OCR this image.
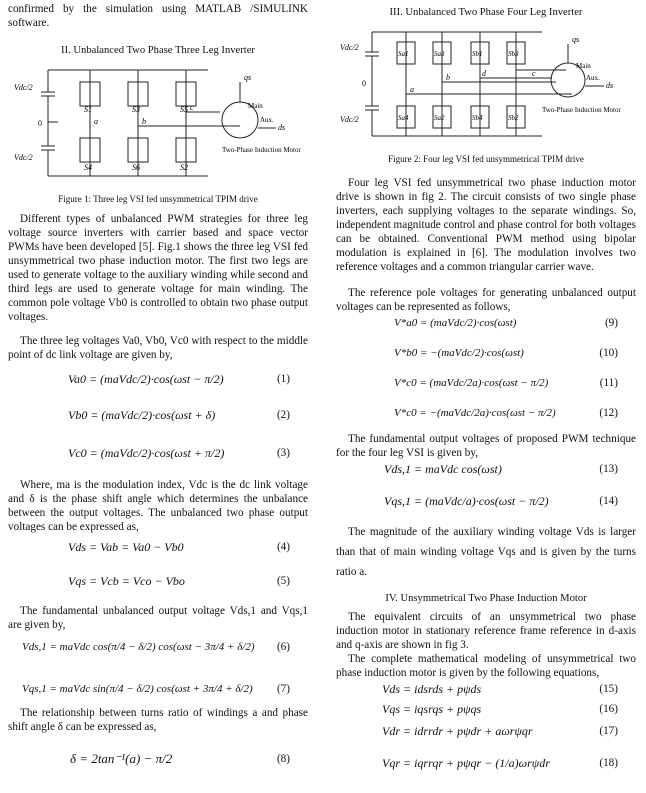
confirmed by the simulation using MATLAB /SIMULINK software.

II. Unbalanced Two Phase Three Leg Inverter

Vdc/2
Vdc/2
0
S1	S3	S5
S4	S6	S2
a	b
c
qs
ds
Main
Aux.
Two-Phase Induction Motor

Figure 1: Three leg VSI fed unsymmetrical TPIM drive

Different types of unbalanced PWM strategies for three leg voltage source inverters with carrier based and space vector PWMs have been developed [5]. Fig.1 shows the three leg VSI fed unsymmetrical two phase induction motor. The first two legs are used to generate voltage to the auxiliary winding while second and third legs are used to generate voltage for main winding. The common pole voltage Vb0 is controlled to obtain two phase output voltages.

The three leg voltages Va0, Vb0, Vc0 with respect to the middle point of dc link voltage are given by,

Va0 = (maVdc/2)·cos(ωst − π/2)	(1)
Vb0 = (maVdc/2)·cos(ωst + δ)	(2)
Vc0 = (maVdc/2)·cos(ωst + π/2)	(3)

Where, ma is the modulation index, Vdc is the dc link voltage and δ is the phase shift angle which determines the unbalance between the output voltages. The unbalanced two phase output voltages can be expressed as,

Vds = Vab = Va0 − Vb0	(4)
Vqs = Vcb = Vco − Vbo	(5)

The fundamental unbalanced output voltage Vds,1 and Vqs,1 are given by,

Vds,1 = maVdc cos(π/4 − δ/2) cos(ωst − 3π/4 + δ/2) (6)
Vqs,1 = maVdc sin(π/4 − δ/2) cos(ωst + 3π/4 + δ/2) (7)

The relationship between turns ratio of windings a and phase shift angle δ can be expressed as,

δ = 2tan⁻¹(a) − π/2	(8)

III. Unbalanced Two Phase Four Leg Inverter

Vdc/2
Vdc/2
0
Sa1	Sa3	Sb1	Sb3
Sa4	Sa2	Sb4	Sb2
a
b	c
d
qs
ds
Main
Aux.
Two-Phase Induction Motor

Figure 2: Four leg VSI fed unsymmetrical TPIM drive

Four leg VSI fed unsymmetrical two phase induction motor drive is shown in fig 2. The circuit consists of two single phase inverters, each supplying voltages to the separate windings. So, independent magnitude control and phase control for both voltages can be obtained. Conventional PWM method using bipolar modulation is explained in [6]. The modulation involves two reference voltages and a common triangular carrier wave.

The reference pole voltages for generating unbalanced output voltages can be represented as follows,

V*a0 = (maVdc/2)·cos(ωst)	(9)
V*b0 = −(maVdc/2)·cos(ωst)	(10)
V*c0 = (maVdc/2a)·cos(ωst − π/2)	(11)
V*c0 = −(maVdc/2a)·cos(ωst − π/2)	(12)

The fundamental output voltages of proposed PWM technique for the four leg VSI is given by,

Vds,1 = maVdc cos(ωst)	(13)
Vqs,1 = (maVdc/a)·cos(ωst − π/2)	(14)

The magnitude of the auxiliary winding voltage Vds is larger than that of main winding voltage Vqs and is given by the turns ratio a.

IV. Unsymmetrical Two Phase Induction Motor

The equivalent circuits of an unsymmetrical two phase induction motor in stationary reference frame reference in d-axis and q-axis are shown in fig 3.

The complete mathematical modeling of unsymmetrical two phase induction motor is given by the following equations,

Vds = idsrds + pψds	(15)
Vqs = iqsrqs + pψqs	(16)
Vdr = idrrdr + pψdr + aωrψqr	(17)
Vqr = iqrrqr + pψqr − (1/a)ωrψdr	(18)
